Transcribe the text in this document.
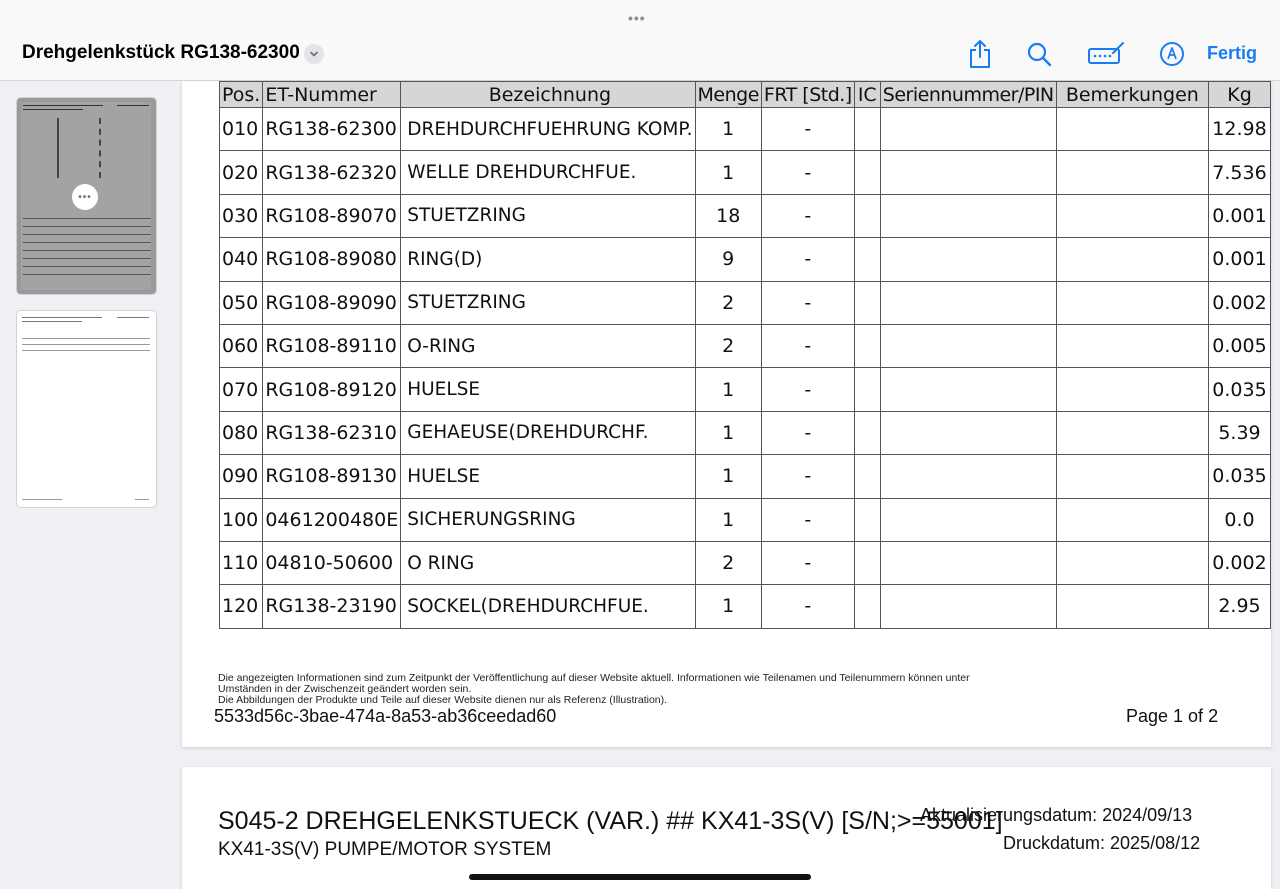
•••
Drehgelenkstück RG138-62300	Fertig
•••
Pos.	ET-Nummer	Bezeichnung	Menge	FRT [Std.]	IC	Seriennummer/PIN	Bemerkungen	Kg
010	RG138-62300	DREHDURCHFUEHRUNG KOMP.	1	-				12.98
020	RG138-62320	WELLE DREHDURCHFUE.	1	-				7.536
030	RG108-89070	STUETZRING	18	-				0.001
040	RG108-89080	RING(D)	9	-				0.001
050	RG108-89090	STUETZRING	2	-				0.002
060	RG108-89110	O-RING	2	-				0.005
070	RG108-89120	HUELSE	1	-				0.035
080	RG138-62310	GEHAEUSE(DREHDURCHF.	1	-				5.39
090	RG108-89130	HUELSE	1	-				0.035
100	0461200480E	SICHERUNGSRING	1	-				0.0
110	04810-50600	O RING	2	-				0.002
120	RG138-23190	SOCKEL(DREHDURCHFUE.	1	-				2.95
Die angezeigten Informationen sind zum Zeitpunkt der Veröffentlichung auf dieser Website aktuell. Informationen wie Teilenamen und Teilenummern können unter
Umständen in der Zwischenzeit geändert worden sein.
Die Abbildungen der Produkte und Teile auf dieser Website dienen nur als Referenz (Illustration).
5533d56c-3bae-474a-8a53-ab36ceedad60	Page 1 of 2
S045-2 DREHGELENKSTUECK (VAR.) ## KX41-3S(V) [S/N;>=55001]
Aktualisierungsdatum: 2024/09/13
Druckdatum: 2025/08/12
KX41-3S(V) PUMPE/MOTOR SYSTEM
